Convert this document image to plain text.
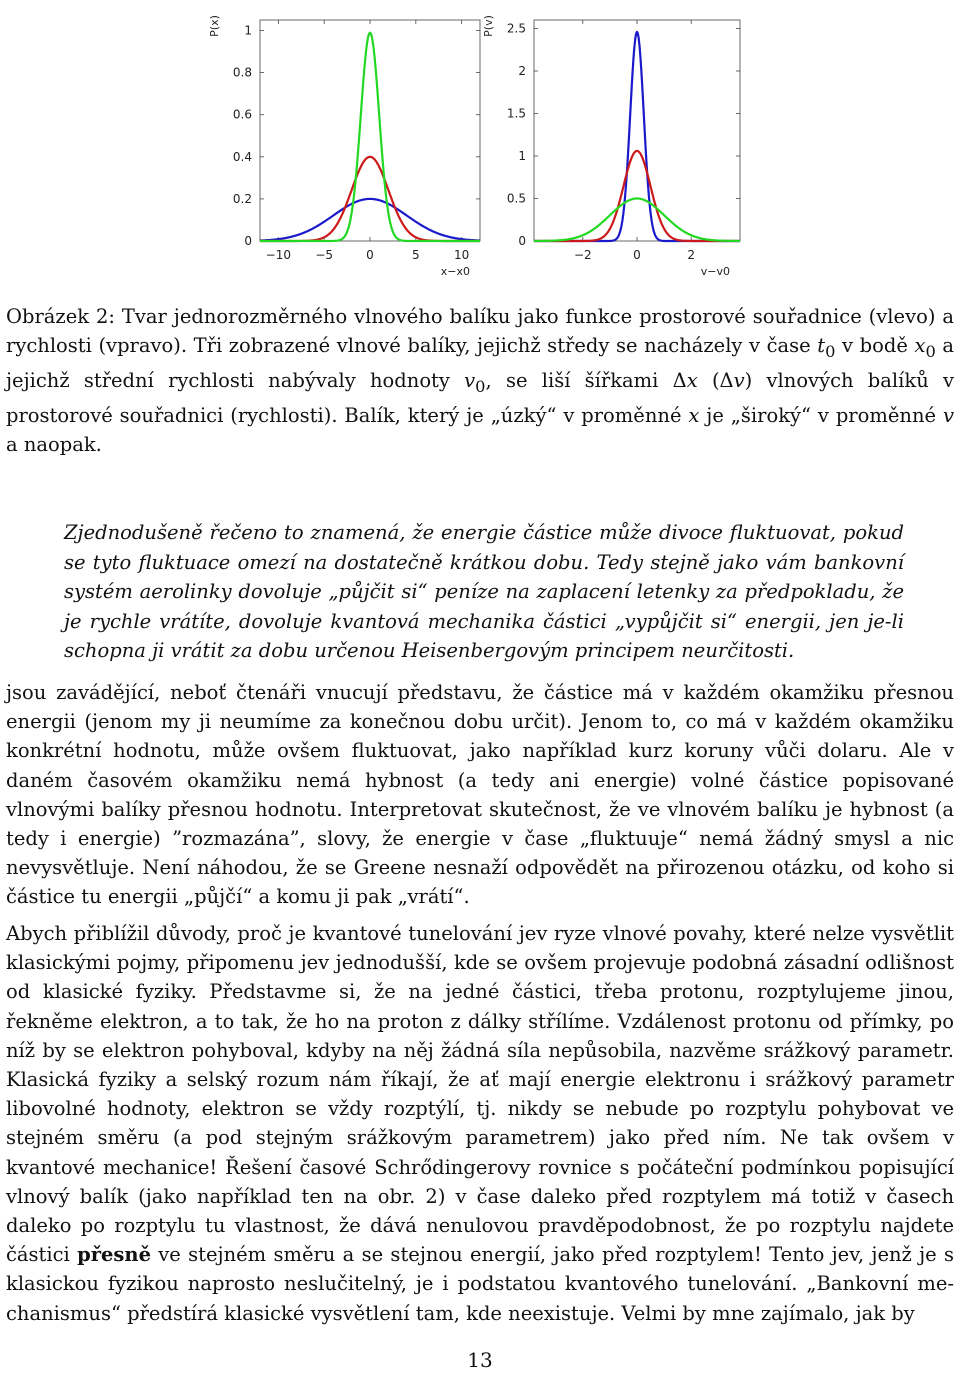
0
0.2
0.4
0.6
0.8
1
−10 −5	0	5	10
P(x)
x−x0
0
0.5
1
1.5
2
2.5
−2	0	2
P(v)
v−v0

Obrázek 2: Tvar jednorozměrného vlnového balíku jako funkce prostorové souřadnice (vlevo) a rychlosti (vpravo). Tři zobrazené vlnové balíky, jejichž středy se nacházely v čase $t_0$ v bodě $x_0$ a jejichž střední rychlosti nabývaly hodnoty $v_0$, se liší šířkami Δx (Δv) vlnových balíků v prostorové souřadnici (rychlosti). Balík, který je „úzký“ v proměnné x je „široký“ v proměnné v a naopak.

Zjednodušeně řečeno to znamená, že energie částice může divoce fluktuovat, pokud se tyto fluktuace omezí na dostatečně krátkou dobu. Tedy stejně jako vám bankovní systém aerolinky dovoluje „půjčit si“ peníze na zaplacení letenky za předpokladu, že je rychle vrátíte, dovoluje kvantová mechanika částici „vypůjčit si“ energii, jen je-li schopna ji vrátit za dobu určenou Heisenbergovým principem neurčitosti.

jsou zavádějící, neboť čtenáři vnucují představu, že částice má v každém okamžiku přesnou energii (jenom my ji neumíme za konečnou dobu určit). Jenom to, co má v každém okamžiku konkrétní hodnotu, může ovšem fluktuovat, jako například kurz koruny vůči dolaru. Ale v daném časovém okamžiku nemá hybnost (a tedy ani energie) volné částice popisované vlnovými balíky přesnou hodnotu. Interpretovat skutečnost, že ve vlnovém balíku je hybnost (a tedy i energie) ”rozmazána”, slovy, že energie v čase „fluktuuje“ nemá žádný smysl a nic nevysvětluje. Není náhodou, že se Greene nesnaží odpovědět na přirozenou otázku, od koho si částice tu energii „půjčí“ a komu ji pak „vrátí“.

Abych přiblížil důvody, proč je kvantové tunelování jev ryze vlnové povahy, které nelze vysvětlit klasickými pojmy, připomenu jev jednodušší, kde se ovšem projevuje podobná zásadní odlišnost od klasické fyziky. Představme si, že na jedné částici, třeba protonu, rozptylujeme jinou, řekněme elektron, a to tak, že ho na proton z dálky střílíme. Vzdálenost protonu od přímky, po níž by se elektron pohyboval, kdyby na něj žádná síla nepůsobila, nazvěme srážkový parametr. Klasická fyziky a selský rozum nám říkají, že ať mají energie elektronu i srážkový parametr libovolné hodnoty, elektron se vždy rozptýlí, tj. nikdy se nebude po rozptylu pohybovat ve stejném směru (a pod stejným srážkovým parametrem) jako před ním. Ne tak ovšem v kvantové mechanice! Řešení časové Schrődingerovy rovnice s počáteční podmínkou popisující vlnový balík (jako například ten na obr. 2) v čase daleko před rozptylem má totiž v časech daleko po rozptylu tu vlastnost, že dává nenulovou pravděpodobnost, že po rozptylu najdete částici přesně ve stejném směru a se stejnou energií, jako před rozptylem! Tento jev, jenž je s klasickou fyzikou naprosto neslučitelný, je i podstatou kvantového tunelování. „Bankovní mechanismus“ předstírá klasické vysvětlení tam, kde neexistuje. Velmi by mne zajímalo, jak by

13
